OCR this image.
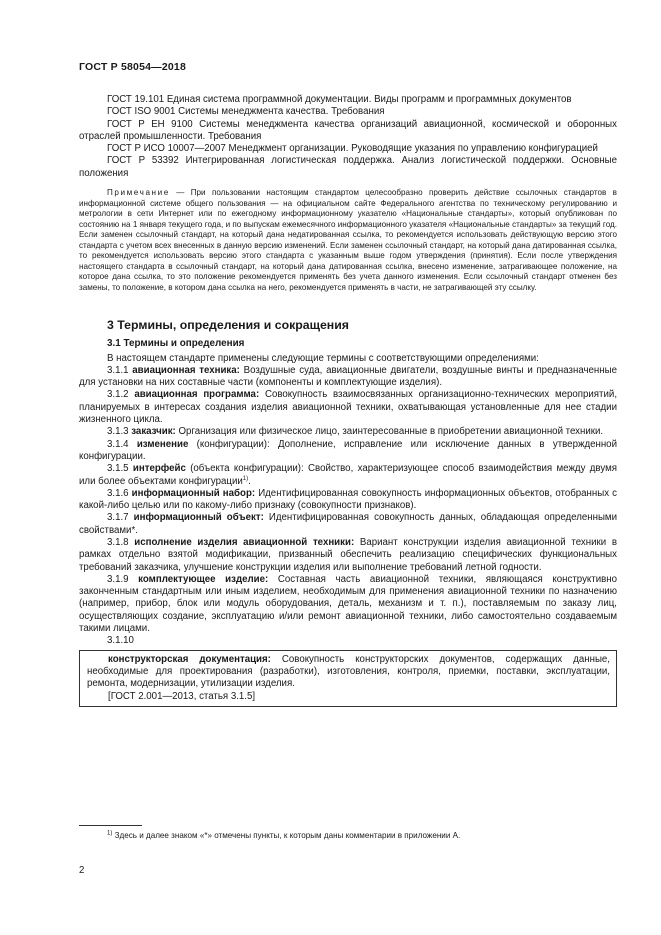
ГОСТ Р 58054—2018

ГОСТ 19.101 Единая система программной документации. Виды программ и программных документов

ГОСТ ISO 9001 Системы менеджмента качества. Требования

ГОСТ Р ЕН 9100 Системы менеджмента качества организаций авиационной, космической и оборонных отраслей промышленности. Требования

ГОСТ Р ИСО 10007—2007 Менеджмент организации. Руководящие указания по управлению конфигурацией

ГОСТ Р 53392 Интегрированная логистическая поддержка. Анализ логистической поддержки. Основные положения

Примечание — При пользовании настоящим стандартом целесообразно проверить действие ссылочных стандартов в информационной системе общего пользования — на официальном сайте Федерального агентства по техническому регулированию и метрологии в сети Интернет или по ежегодному информационному указателю «Национальные стандарты», который опубликован по состоянию на 1 января текущего года, и по выпускам ежемесячного информационного указателя «Национальные стандарты» за текущий год. Если заменен ссылочный стандарт, на который дана недатированная ссылка, то рекомендуется использовать действующую версию этого стандарта с учетом всех внесенных в данную версию изменений. Если заменен ссылочный стандарт, на который дана датированная ссылка, то рекомендуется использовать версию этого стандарта с указанным выше годом утверждения (принятия). Если после утверждения настоящего стандарта в ссылочный стандарт, на который дана датированная ссылка, внесено изменение, затрагивающее положение, на которое дана ссылка, то это положение рекомендуется применять без учета данного изменения. Если ссылочный стандарт отменен без замены, то положение, в котором дана ссылка на него, рекомендуется применять в части, не затрагивающей эту ссылку.

3 Термины, определения и сокращения
3.1 Термины и определения

В настоящем стандарте применены следующие термины с соответствующими определениями:

3.1.1 авиационная техника: Воздушные суда, авиационные двигатели, воздушные винты и предназначенные для установки на них составные части (компоненты и комплектующие изделия).

3.1.2 авиационная программа: Совокупность взаимосвязанных организационно-технических мероприятий, планируемых в интересах создания изделия авиационной техники, охватывающая установленные для нее стадии жизненного цикла.

3.1.3 заказчик: Организация или физическое лицо, заинтересованные в приобретении авиационной техники.

3.1.4 изменение (конфигурации): Дополнение, исправление или исключение данных в утвержденной конфигурации.

3.1.5 интерфейс (объекта конфигурации): Свойство, характеризующее способ взаимодействия между двумя или более объектами конфигурации$^{1)}$.

3.1.6 информационный набор: Идентифицированная совокупность информационных объектов, отобранных с какой-либо целью или по какому-либо признаку (совокупности признаков).

3.1.7 информационный объект: Идентифицированная совокупность данных, обладающая определенными свойствами*.

3.1.8 исполнение изделия авиационной техники: Вариант конструкции изделия авиационной техники в рамках отдельно взятой модификации, призванный обеспечить реализацию специфических функциональных требований заказчика, улучшение конструкции изделия или выполнение требований летной годности.

3.1.9 комплектующее изделие: Составная часть авиационной техники, являющаяся конструктивно законченным стандартным или иным изделием, необходимым для применения авиационной техники по назначению (например, прибор, блок или модуль оборудования, деталь, механизм и т. п.), поставляемым по заказу лиц, осуществляющих создание, эксплуатацию и/или ремонт авиационной техники, либо самостоятельно создаваемым такими лицами.

3.1.10

конструкторская документация: Совокупность конструкторских документов, содержащих данные, необходимые для проектирования (разработки), изготовления, контроля, приемки, поставки, эксплуатации, ремонта, модернизации, утилизации изделия.

[ГОСТ 2.001—2013, статья 3.1.5]

$^{1)}$ Здесь и далее знаком «*» отмечены пункты, к которым даны комментарии в приложении А.

2
